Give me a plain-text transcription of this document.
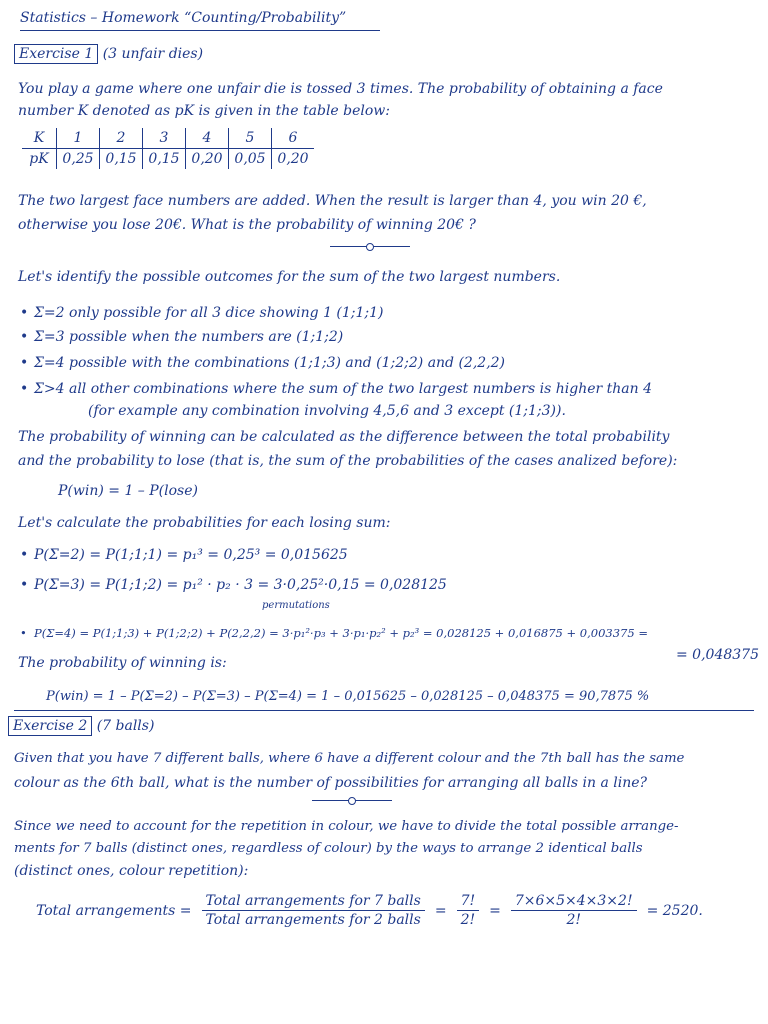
Statistics – Homework “Counting/Probability”
Exercise 1 (3 unfair dies)
You play a game where one unfair die is tossed 3 times. The probability of obtaining a face
number K denoted as pK is given in the table below:
K	1	2	3	4	5	6
pK	0,25	0,15	0,15	0,20	0,05	0,20
The two largest face numbers are added. When the result is larger than 4, you win 20 €,
otherwise you lose 20€. What is the probability of winning 20€ ?
Let's identify the possible outcomes for the sum of the two largest numbers.
• Σ=2 only possible for all 3 dice showing 1 (1;1;1)
• Σ=3 possible when the numbers are (1;1;2)
• Σ=4 possible with the combinations (1;1;3) and (1;2;2) and (2,2,2)
• Σ>4 all other combinations where the sum of the two largest numbers is higher than 4
(for example any combination involving 4,5,6 and 3 except (1;1;3)).
The probability of winning can be calculated as the difference between the total probability
and the probability to lose (that is, the sum of the probabilities of the cases analized before):
P(win) = 1 – P(lose)
Let's calculate the probabilities for each losing sum:
• P(Σ=2) = P(1;1;1) = p₁³ = 0,25³ = 0,015625
• P(Σ=3) = P(1;1;2) = p₁² · p₂ · 3 = 3·0,25²·0,15 = 0,028125
permutations
• P(Σ=4) = P(1;1;3) + P(1;2;2) + P(2,2,2) = 3·p₁²·p₃ + 3·p₁·p₂² + p₂³ = 0,028125 + 0,016875 + 0,003375 =
= 0,048375
The probability of winning is:
P(win) = 1 – P(Σ=2) – P(Σ=3) – P(Σ=4) = 1 – 0,015625 – 0,028125 – 0,048375 = 90,7875 %
Exercise 2 (7 balls)
Given that you have 7 different balls, where 6 have a different colour and the 7th ball has the same
colour as the 6th ball, what is the number of possibilities for arranging all balls in a line?
Since we need to account for the repetition in colour, we have to divide the total possible arrange-
ments for 7 balls (distinct ones, regardless of colour) by the ways to arrange 2 identical balls
(distinct ones, colour repetition):
Total arrangements = $\frac{\text{Total arrangements for 7 balls}}{\text{Total arrangements for 2 balls}} = \frac{7!}{2!} = \frac{7\times 6\times 5\times 4\times 3\times 2!}{2!} = 2520$.
